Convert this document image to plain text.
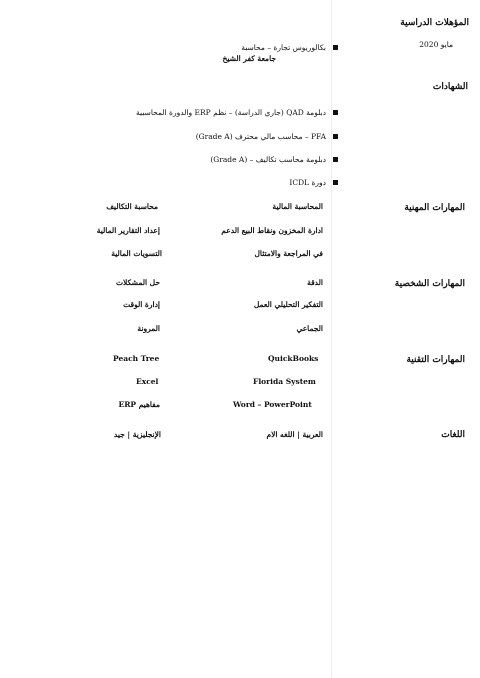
المؤهلات الدراسية
مايو 2020
بكالوريوس تجارة – محاسبة
جامعة كفر الشيخ
الشهادات
دبلومة QAD (جاري الدراسة) – نظم ERP والدورة المحاسبية
PFA – محاسب مالي محترف (Grade A)
دبلومة محاسب تكاليف – (Grade A)
دورة ICDL
المهارات المهنية
المحاسبة المالية
ادارة المخزون ونقاط البيع الدعم
في المراجعة والامتثال
محاسبة التكاليف
إعداد التقارير المالية
التسويات المالية
المهارات الشخصية
الدقة
التفكير التحليلي العمل
الجماعي
حل المشكلات
إدارة الوقت
المرونة
المهارات التقنية
QuickBooks
Florida System
Word – PowerPoint
Peach Tree
Excel
مفاهيم ERP
اللغات
العربية | اللغه الام
الإنجليزية | جيد
